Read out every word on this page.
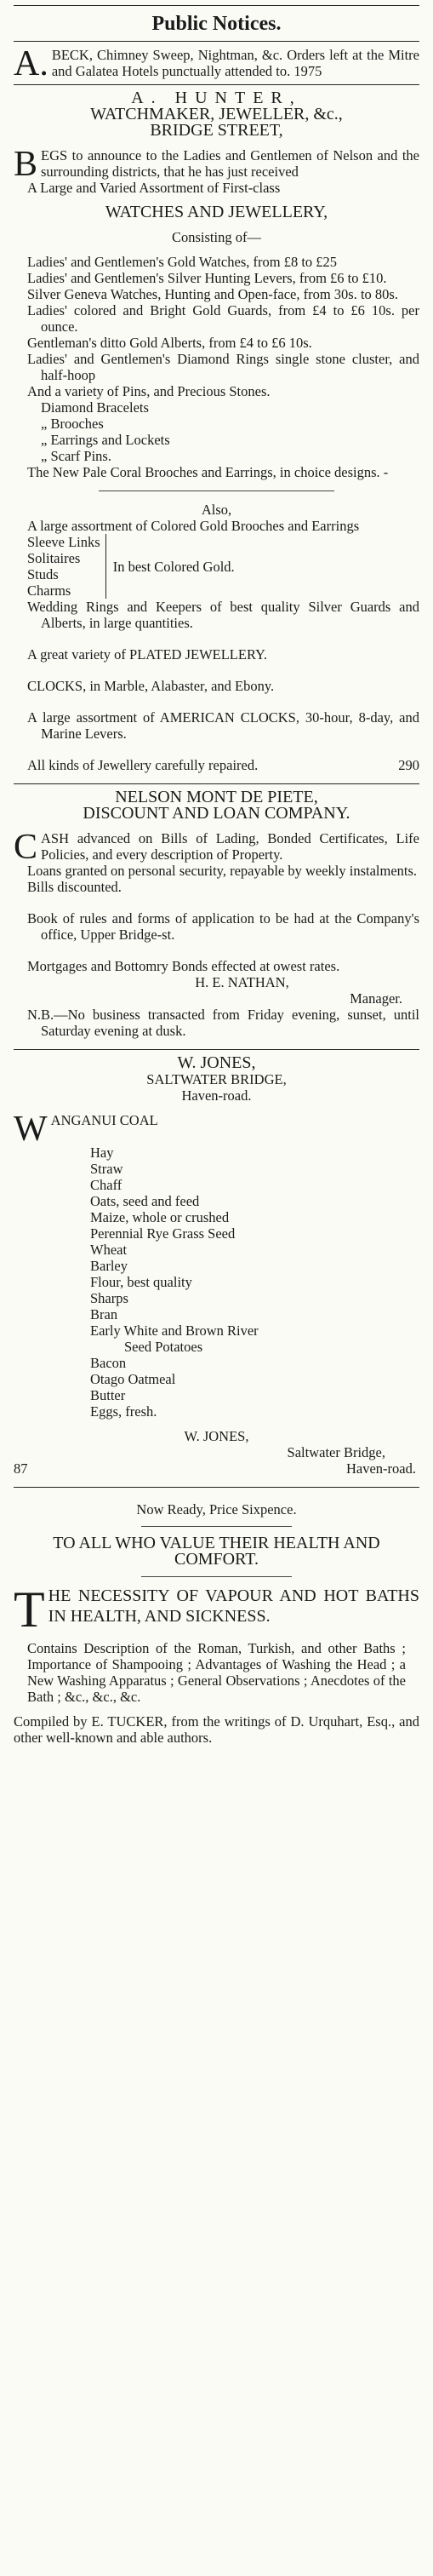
Public Notices.
A. BECK, Chimney Sweep, Nightman, &c. Orders left at the Mitre and Galatea Hotels punctually attended to. 1975
A. HUNTER,
WATCHMAKER, JEWELLER, &c.,
BRIDGE STREET,
B EGS to announce to the Ladies and Gentlemen of Nelson and the surrounding districts, that he has just received
A Large and Varied Assortment of First-class
WATCHES AND JEWELLERY,
Consisting of—
Ladies' and Gentlemen's Gold Watches, from £8 to £25
Ladies' and Gentlemen's Silver Hunting Levers, from £6 to £10.
Silver Geneva Watches, Hunting and Open-face, from 30s. to 80s.
Ladies' colored and Bright Gold Guards, from £4 to £6 10s. per ounce.
Gentleman's ditto Gold Alberts, from £4 to £6 10s.
Ladies' and Gentlemen's Diamond Rings single stone cluster, and half-hoop
And a variety of Pins, and Precious Stones.
Diamond Bracelets
„ Brooches
„ Earrings and Lockets
„ Scarf Pins.
The New Pale Coral Brooches and Earrings, in choice designs. -
Also,
A large assortment of Colored Gold Brooches and Earrings
Sleeve Links
Solitaires
Studs
Charms
In best Colored Gold.
Wedding Rings and Keepers of best quality Silver Guards and Alberts, in large quantities.
A great variety of PLATED JEWELLERY.
CLOCKS, in Marble, Alabaster, and Ebony.
A large assortment of AMERICAN CLOCKS, 30-hour, 8-day, and Marine Levers.
All kinds of Jewellery carefully repaired.	290
NELSON MONT DE PIETE,
DISCOUNT AND LOAN COMPANY.
C ASH advanced on Bills of Lading, Bonded Certificates, Life Policies, and every description of Property.
Loans granted on personal security, repayable by weekly instalments.
Bills discounted.
Book of rules and forms of application to be had at the Company's office, Upper Bridge-st.
Mortgages and Bottomry Bonds effected at owest rates.
H. E. NATHAN,
Manager.
N.B.—No business transacted from Friday evening, sunset, until Saturday evening at dusk.
W. JONES,
SALTWATER BRIDGE,
Haven-road.
W ANGANUI COAL
Hay
Straw
Chaff
Oats, seed and feed
Maize, whole or crushed
Perennial Rye Grass Seed
Wheat
Barley
Flour, best quality
Sharps
Bran
Early White and Brown River
Seed Potatoes
Bacon
Otago Oatmeal
Butter
Eggs, fresh.
W. JONES,
Saltwater Bridge,
87	Haven-road.
Now Ready, Price Sixpence.
TO ALL WHO VALUE THEIR HEALTH AND COMFORT.
T HE NECESSITY OF VAPOUR AND HOT BATHS IN HEALTH, AND SICKNESS.
Contains Description of the Roman, Turkish, and other Baths ; Importance of Shampooing ; Advantages of Washing the Head ; a New Washing Apparatus ; General Observations ; Anecdotes of the Bath ; &c., &c., &c.
Compiled by E. TUCKER, from the writings of D. Urquhart, Esq., and other well-known and able authors.
